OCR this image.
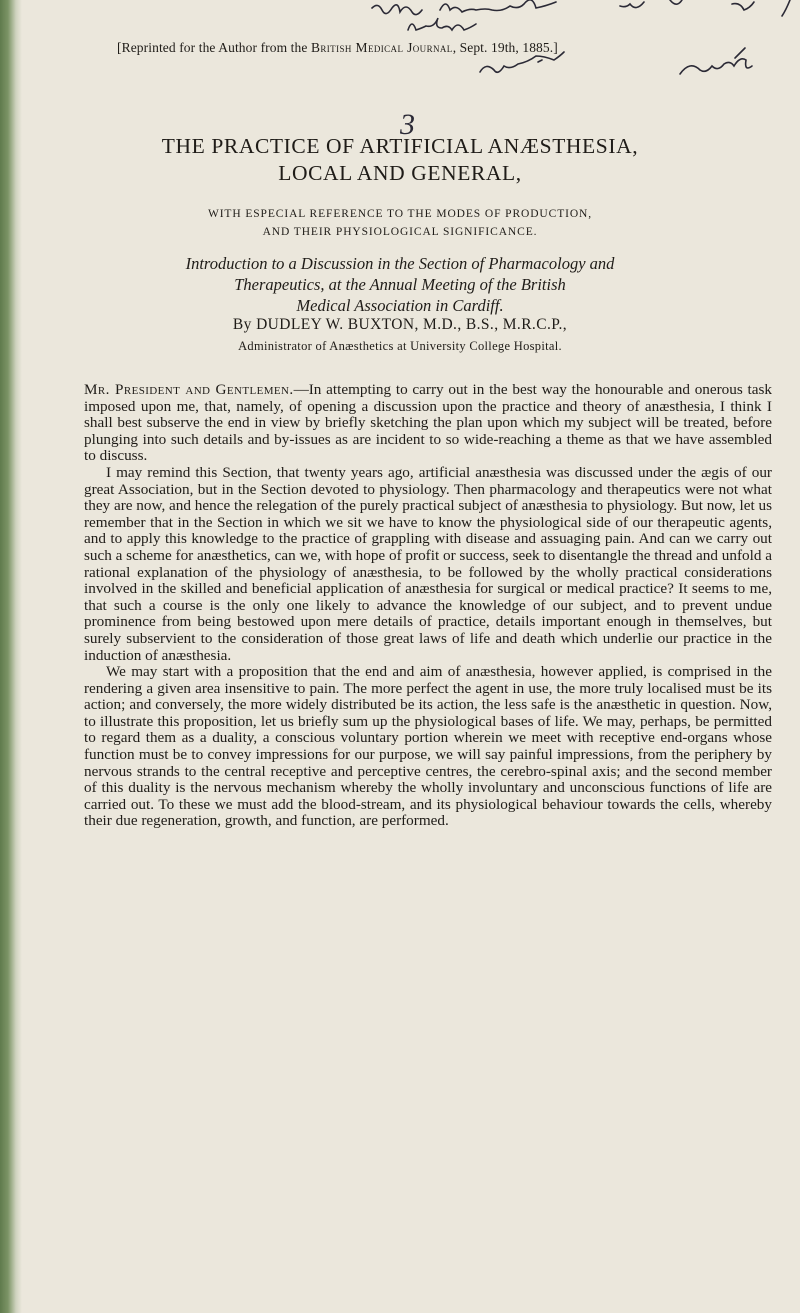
[Reprinted for the Author from the British Medical Journal, Sept. 19th, 1885.]
3
THE PRACTICE OF ARTIFICIAL ANÆSTHESIA,
LOCAL AND GENERAL,
WITH ESPECIAL REFERENCE TO THE MODES OF PRODUCTION,
AND THEIR PHYSIOLOGICAL SIGNIFICANCE.
Introduction to a Discussion in the Section of Pharmacology and
Therapeutics, at the Annual Meeting of the British
Medical Association in Cardiff.
By DUDLEY W. BUXTON, M.D., B.S., M.R.C.P.,
Administrator of Anæsthetics at University College Hospital.

Mr. President and Gentlemen.—In attempting to carry out in the best way the honourable and onerous task imposed upon me, that, namely, of opening a discussion upon the practice and theory of anæsthesia, I think I shall best subserve the end in view by briefly sketching the plan upon which my subject will be treated, before plunging into such details and by-issues as are incident to so wide-reaching a theme as that we have assembled to discuss.

I may remind this Section, that twenty years ago, artificial anæsthesia was discussed under the ægis of our great Association, but in the Section devoted to physiology. Then pharmacology and therapeutics were not what they are now, and hence the relegation of the purely practical subject of anæsthesia to physiology. But now, let us remember that in the Section in which we sit we have to know the physiological side of our therapeutic agents, and to apply this knowledge to the practice of grappling with disease and assuaging pain. And can we carry out such a scheme for anæsthetics, can we, with hope of profit or success, seek to disentangle the thread and unfold a rational explanation of the physiology of anæsthesia, to be followed by the wholly practical considerations involved in the skilled and beneficial application of anæsthesia for surgical or medical practice? It seems to me, that such a course is the only one likely to advance the knowledge of our subject, and to prevent undue prominence from being bestowed upon mere details of practice, details important enough in themselves, but surely subservient to the consideration of those great laws of life and death which underlie our practice in the induction of anæsthesia.

We may start with a proposition that the end and aim of anæsthesia, however applied, is comprised in the rendering a given area insensitive to pain. The more perfect the agent in use, the more truly localised must be its action; and conversely, the more widely distributed be its action, the less safe is the anæsthetic in question. Now, to illustrate this proposition, let us briefly sum up the physiological bases of life. We may, perhaps, be permitted to regard them as a duality, a conscious voluntary portion wherein we meet with receptive end-organs whose function must be to convey impressions for our purpose, we will say painful impressions, from the periphery by nervous strands to the central receptive and perceptive centres, the cerebro-spinal axis; and the second member of this duality is the nervous mechanism whereby the wholly involuntary and unconscious functions of life are carried out. To these we must add the blood-stream, and its physiological behaviour towards the cells, whereby their due regeneration, growth, and function, are performed.
